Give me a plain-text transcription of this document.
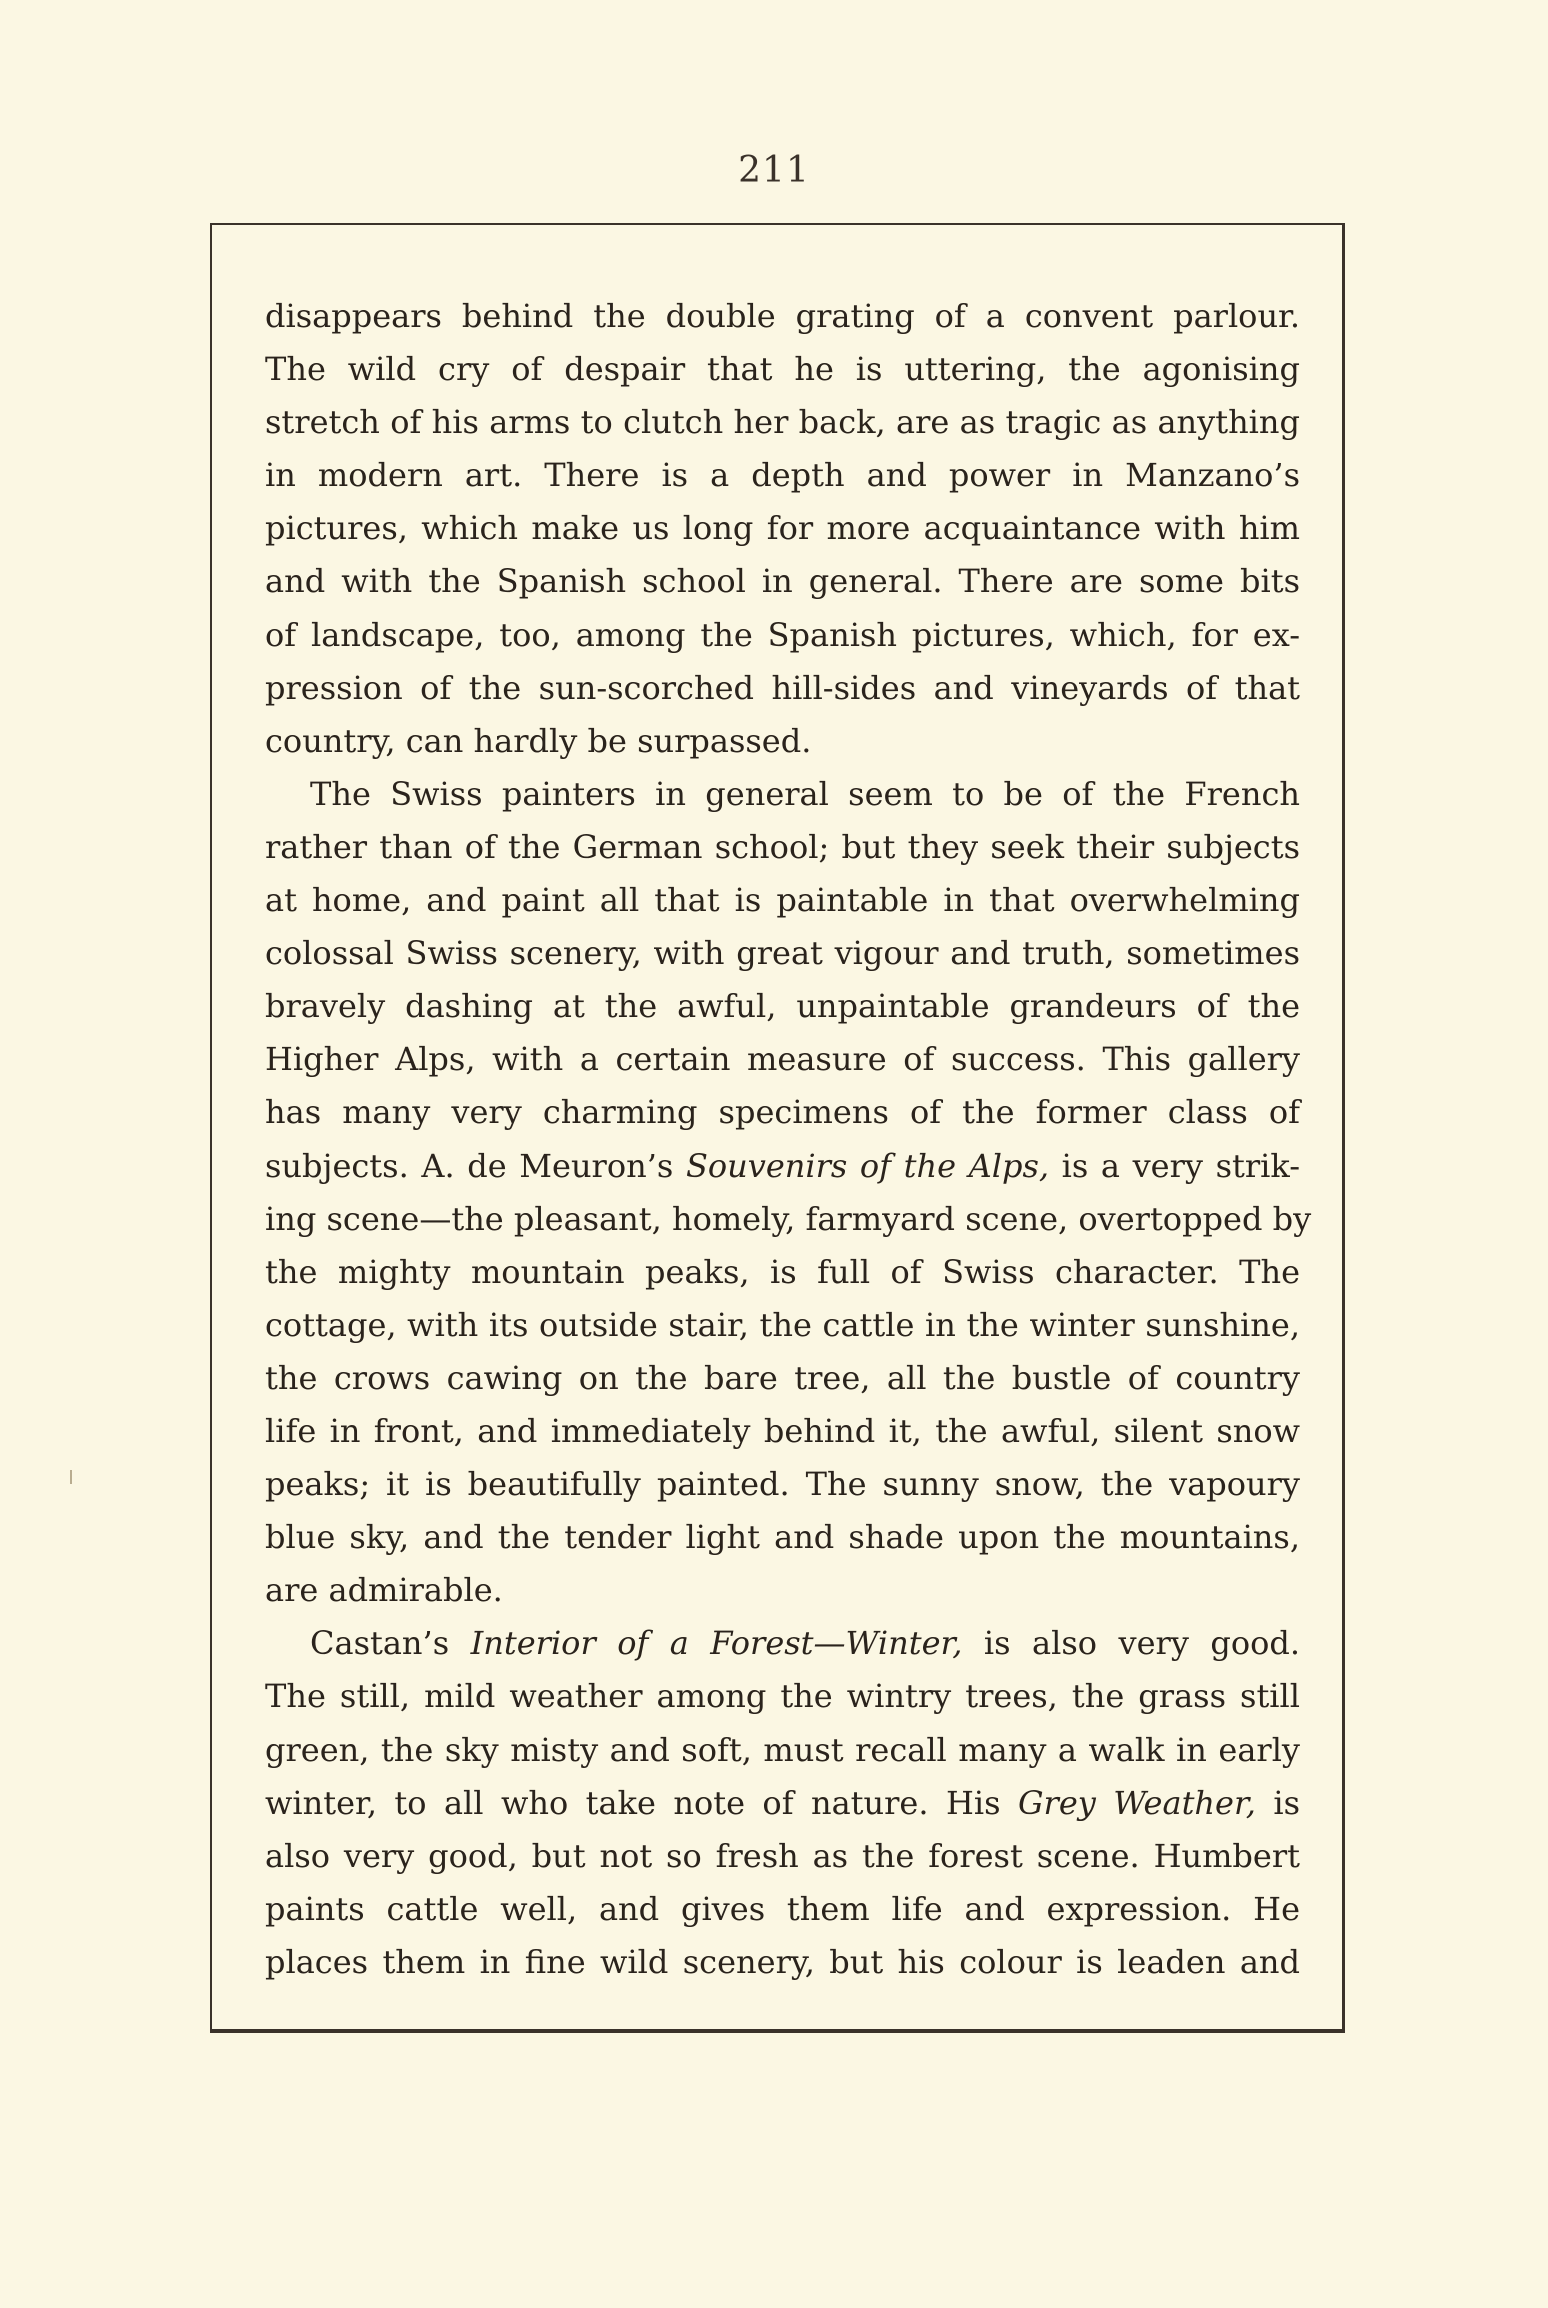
211
disappears behind the double grating of a convent parlour.
The wild cry of despair that he is uttering, the agonising
stretch of his arms to clutch her back, are as tragic as anything
in modern art. There is a depth and power in Manzano’s
pictures, which make us long for more acquaintance with him
and with the Spanish school in general. There are some bits
of landscape, too, among the Spanish pictures, which, for ex-
pression of the sun-scorched hill-sides and vineyards of that
country, can hardly be surpassed.
The Swiss painters in general seem to be of the French
rather than of the German school; but they seek their subjects
at home, and paint all that is paintable in that overwhelming
colossal Swiss scenery, with great vigour and truth, sometimes
bravely dashing at the awful, unpaintable grandeurs of the
Higher Alps, with a certain measure of success. This gallery
has many very charming specimens of the former class of
subjects. A. de Meuron’s Souvenirs of the Alps, is a very strik-
ing scene—the pleasant, homely, farmyard scene, overtopped by
the mighty mountain peaks, is full of Swiss character. The
cottage, with its outside stair, the cattle in the winter sunshine,
the crows cawing on the bare tree, all the bustle of country
life in front, and immediately behind it, the awful, silent snow
peaks; it is beautifully painted. The sunny snow, the vapoury
blue sky, and the tender light and shade upon the mountains,
are admirable.
Castan’s Interior of a Forest—Winter, is also very good.
The still, mild weather among the wintry trees, the grass still
green, the sky misty and soft, must recall many a walk in early
winter, to all who take note of nature. His Grey Weather, is
also very good, but not so fresh as the forest scene. Humbert
paints cattle well, and gives them life and expression. He
places them in fine wild scenery, but his colour is leaden and
